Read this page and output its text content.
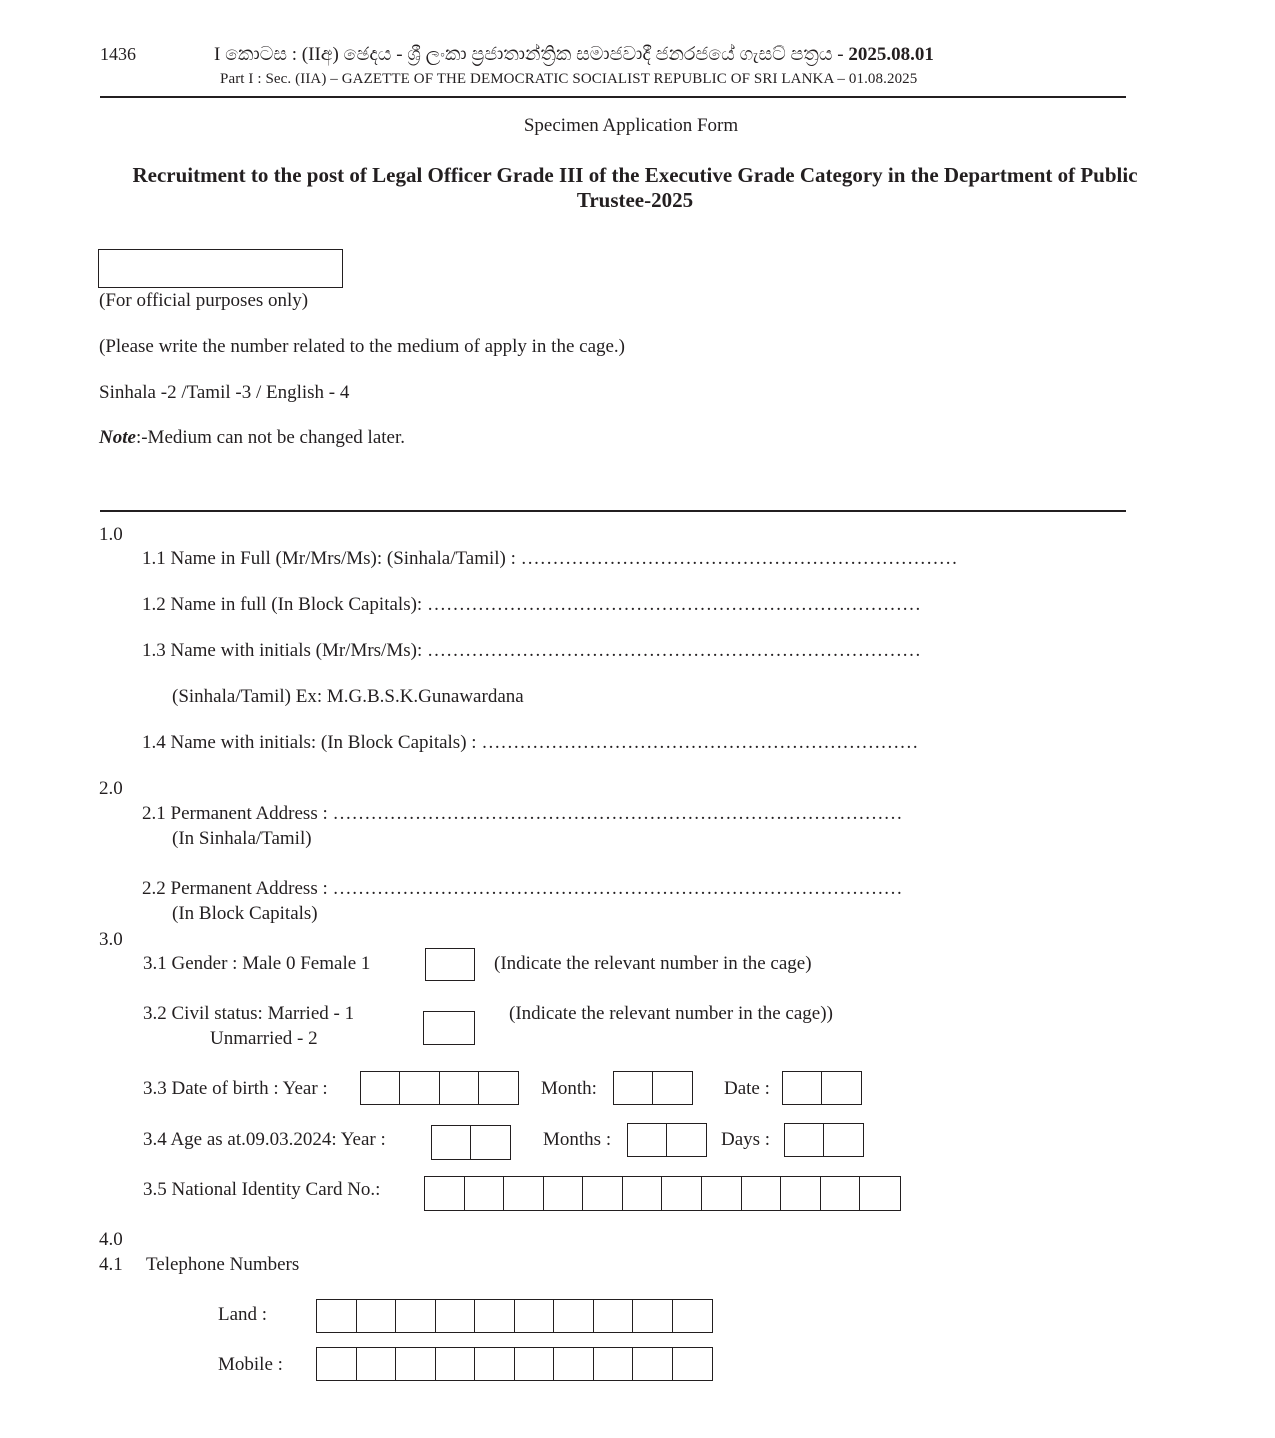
1436	I කොටස : (IIඅ) ඡෙදය - ශ්‍රී ලංකා ප්‍රජාතාන්ත්‍රික සමාජවාදී ජනරජයේ ගැසට් පත්‍රය - 2025.08.01
Part I : Sec. (IIA) – GAZETTE OF THE DEMOCRATIC SOCIALIST REPUBLIC OF SRI LANKA – 01.08.2025
Specimen Application Form
Recruitment to the post of Legal Officer Grade III of the Executive Grade Category in the Department of Public Trustee-2025
(For official purposes only)
(Please write the number related to the medium of apply in the cage.)
Sinhala -2 /Tamil -3 / English - 4
Note:-Medium can not be changed later.
1.0
1.1 Name in Full (Mr/Mrs/Ms): (Sinhala/Tamil) : ……………………………………………………………
1.2 Name in full (In Block Capitals): ……………………………………………………………………
1.3 Name with initials (Mr/Mrs/Ms): ……………………………………………………………………
(Sinhala/Tamil) Ex: M.G.B.S.K.Gunawardana
1.4 Name with initials: (In Block Capitals) : ……………………………………………………………
2.0
2.1 Permanent Address : ………………………………………………………………………………
(In Sinhala/Tamil)
2.2 Permanent Address : ………………………………………………………………………………
(In Block Capitals)
3.0
3.1 Gender : Male 0 Female 1	(Indicate the relevant number in the cage)
3.2 Civil status: Married - 1
Unmarried - 2
(Indicate the relevant number in the cage))
3.3 Date of birth : Year :	Month:	Date :
3.4 Age as at.09.03.2024: Year :	Months :	Days :
3.5 National Identity Card No.:
4.0
4.1 Telephone Numbers
Land :
Mobile :
